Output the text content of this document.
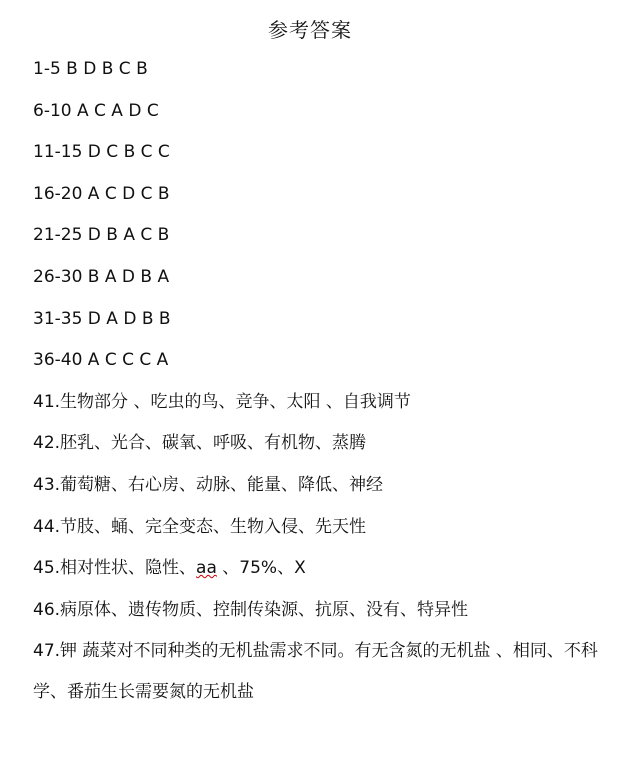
参考答案
1-5 B D B C B
6-10 A C A D C
11-15 D C B C C
16-20 A C D C B
21-25 D B A C B
26-30 B A D B A
31-35 D A D B B
36-40 A C C C A
41.生物部分 、吃虫的鸟、竞争、太阳 、自我调节
42.胚乳、光合、碳氧、呼吸、有机物、蒸腾
43.葡萄糖、右心房、动脉、能量、降低、神经
44.节肢、蛹、完全变态、生物入侵、先天性
45.相对性状、隐性、aa 、75%、X
46.病原体、遗传物质、控制传染源、抗原、没有、特异性
47.钾 蔬菜对不同种类的无机盐需求不同。有无含氮的无机盐 、相同、不科学、番茄生长需要氮的无机盐
